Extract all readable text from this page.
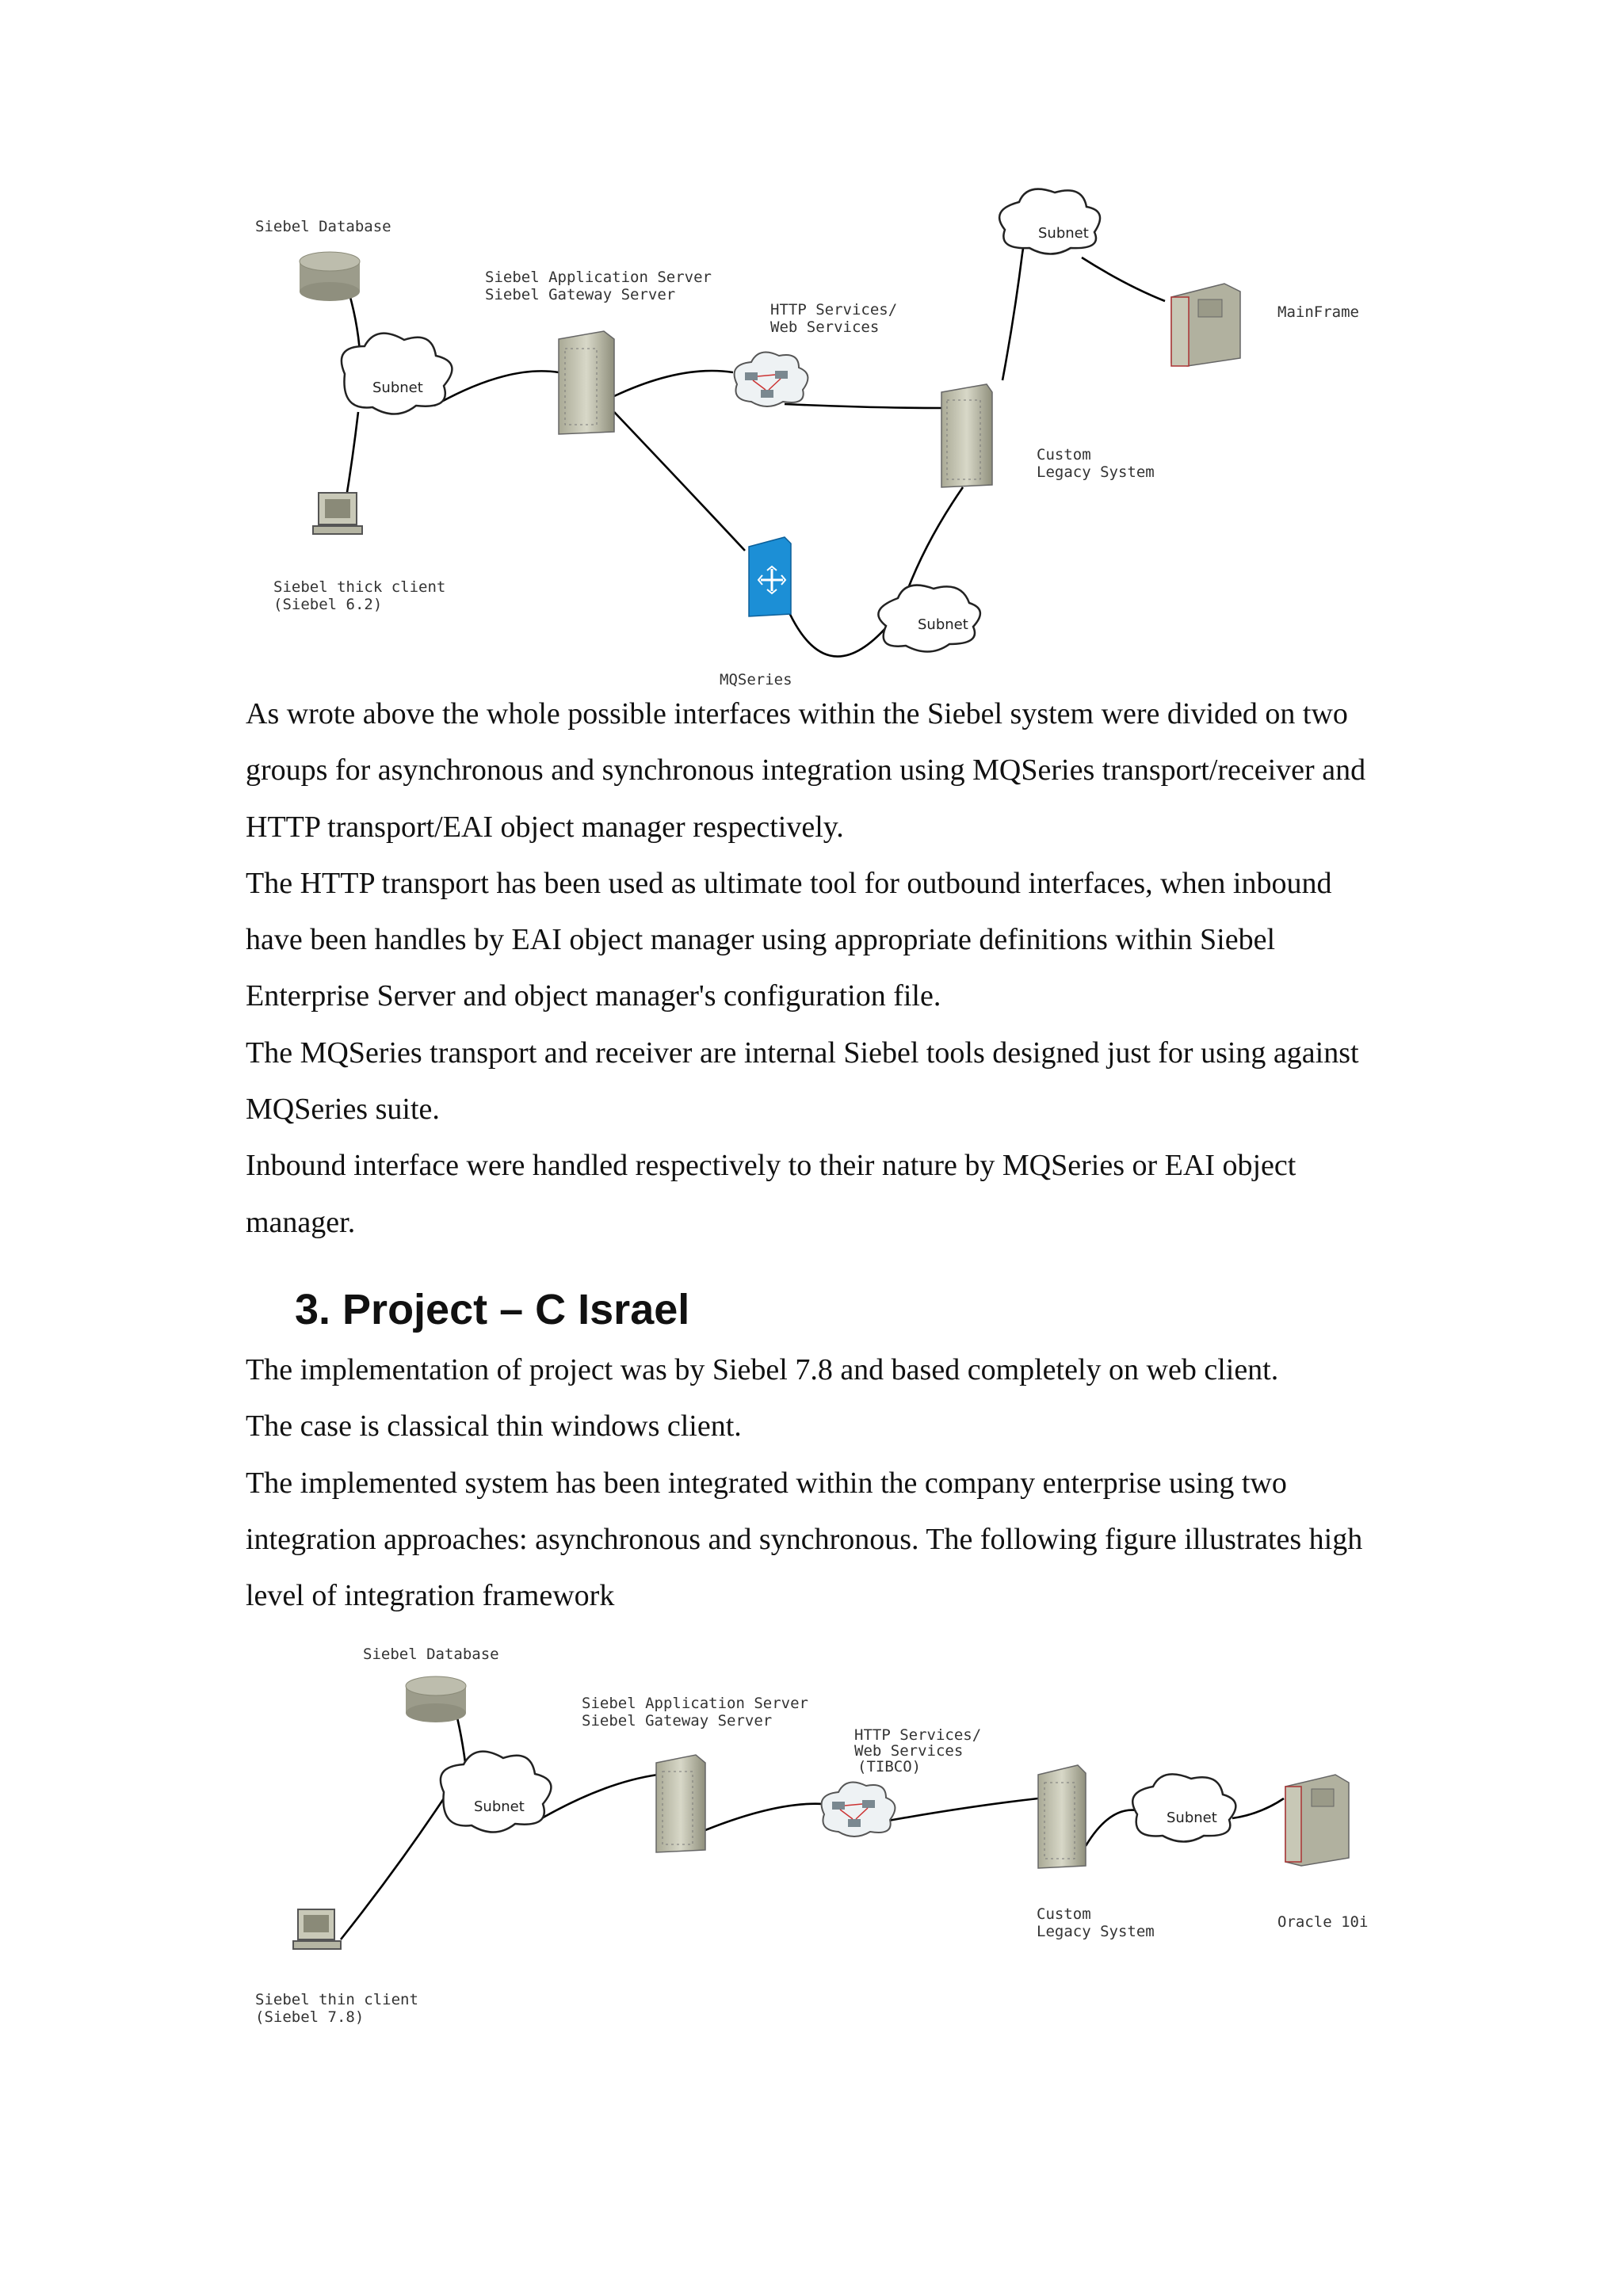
Siebel Database
Subnet
Siebel thick client
(Siebel 6.2)
Siebel Application Server
Siebel Gateway Server
HTTP Services/
Web Services
Custom
Legacy System
Subnet
MainFrame
MQSeries
Subnet

As wrote above the whole possible interfaces within the Siebel system were divided on two groups for asynchronous and synchronous integration using MQSeries transport/receiver and HTTP transport/EAI object manager respectively.

The HTTP transport has been used as ultimate tool for outbound interfaces, when inbound have been handles by EAI object manager using appropriate definitions within Siebel Enterprise Server and object manager's configuration file.

The MQSeries transport and receiver are internal Siebel tools designed just for using against MQSeries suite.

Inbound interface were handled respectively to their nature by MQSeries or EAI object manager.

3. Project – C Israel

The implementation of project was by Siebel 7.8 and based completely on web client.

The case is classical thin windows client.

The implemented system has been integrated within the company enterprise using two integration approaches: asynchronous and synchronous. The following figure illustrates high level of integration framework

Siebel Database
Subnet
Siebel thin client
(Siebel 7.8)
Siebel Application Server
Siebel Gateway Server
HTTP Services/
Web Services
(TIBCO)
Custom
Legacy System
Subnet
Oracle 10i
